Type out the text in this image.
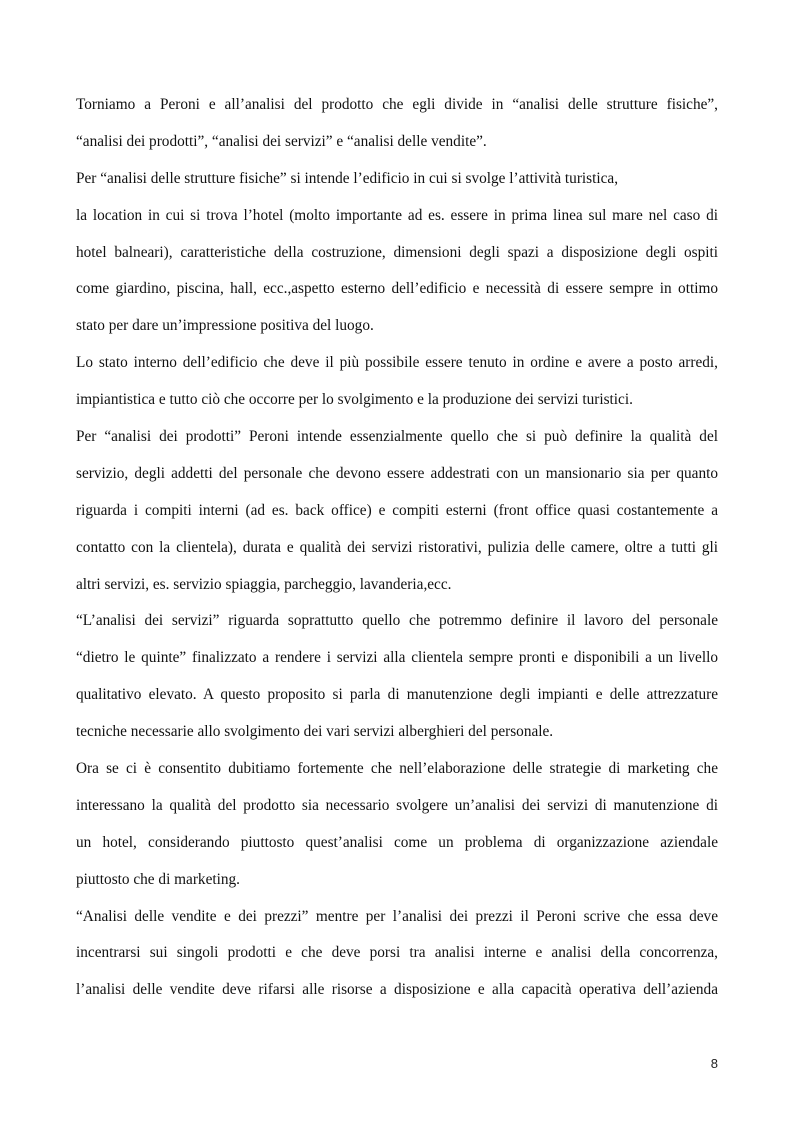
Torniamo a Peroni e all’analisi del prodotto che egli divide in “analisi delle strutture fisiche”,
“analisi dei prodotti”, “analisi dei servizi” e “analisi delle vendite”.
Per “analisi delle strutture fisiche” si intende l’edificio in cui si svolge l’attività turistica,
la location in cui si trova l’hotel (molto importante ad es. essere in prima linea sul mare nel caso di
hotel balneari), caratteristiche della costruzione, dimensioni degli spazi a disposizione degli ospiti
come giardino, piscina, hall, ecc.,aspetto esterno dell’edificio e necessità di essere sempre in ottimo
stato per dare un’impressione positiva del luogo.
Lo stato interno dell’edificio che deve il più possibile essere tenuto in ordine e avere a posto arredi,
impiantistica e tutto ciò che occorre per lo svolgimento e la produzione dei servizi turistici.
Per “analisi dei prodotti” Peroni intende essenzialmente quello che si può definire la qualità del
servizio, degli addetti del personale che devono essere addestrati con un mansionario sia per quanto
riguarda i compiti interni (ad es. back office) e compiti esterni (front office quasi costantemente a
contatto con la clientela), durata e qualità dei servizi ristorativi, pulizia delle camere, oltre a tutti gli
altri servizi, es. servizio spiaggia, parcheggio, lavanderia,ecc.
“L’analisi dei servizi” riguarda soprattutto quello che potremmo definire il lavoro del personale
“dietro le quinte” finalizzato a rendere i servizi alla clientela sempre pronti e disponibili a un livello
qualitativo elevato. A questo proposito si parla di manutenzione degli impianti e delle attrezzature
tecniche necessarie allo svolgimento dei vari servizi alberghieri del personale.
Ora se ci è consentito dubitiamo fortemente che nell’elaborazione delle strategie di marketing che
interessano la qualità del prodotto sia necessario svolgere un’analisi dei servizi di manutenzione di
un hotel, considerando piuttosto quest’analisi come un problema di organizzazione aziendale
piuttosto che di marketing.
“Analisi delle vendite e dei prezzi” mentre per l’analisi dei prezzi il Peroni scrive che essa deve
incentrarsi sui singoli prodotti e che deve porsi tra analisi interne e analisi della concorrenza,
l’analisi delle vendite deve rifarsi alle risorse a disposizione e alla capacità operativa dell’azienda
8
